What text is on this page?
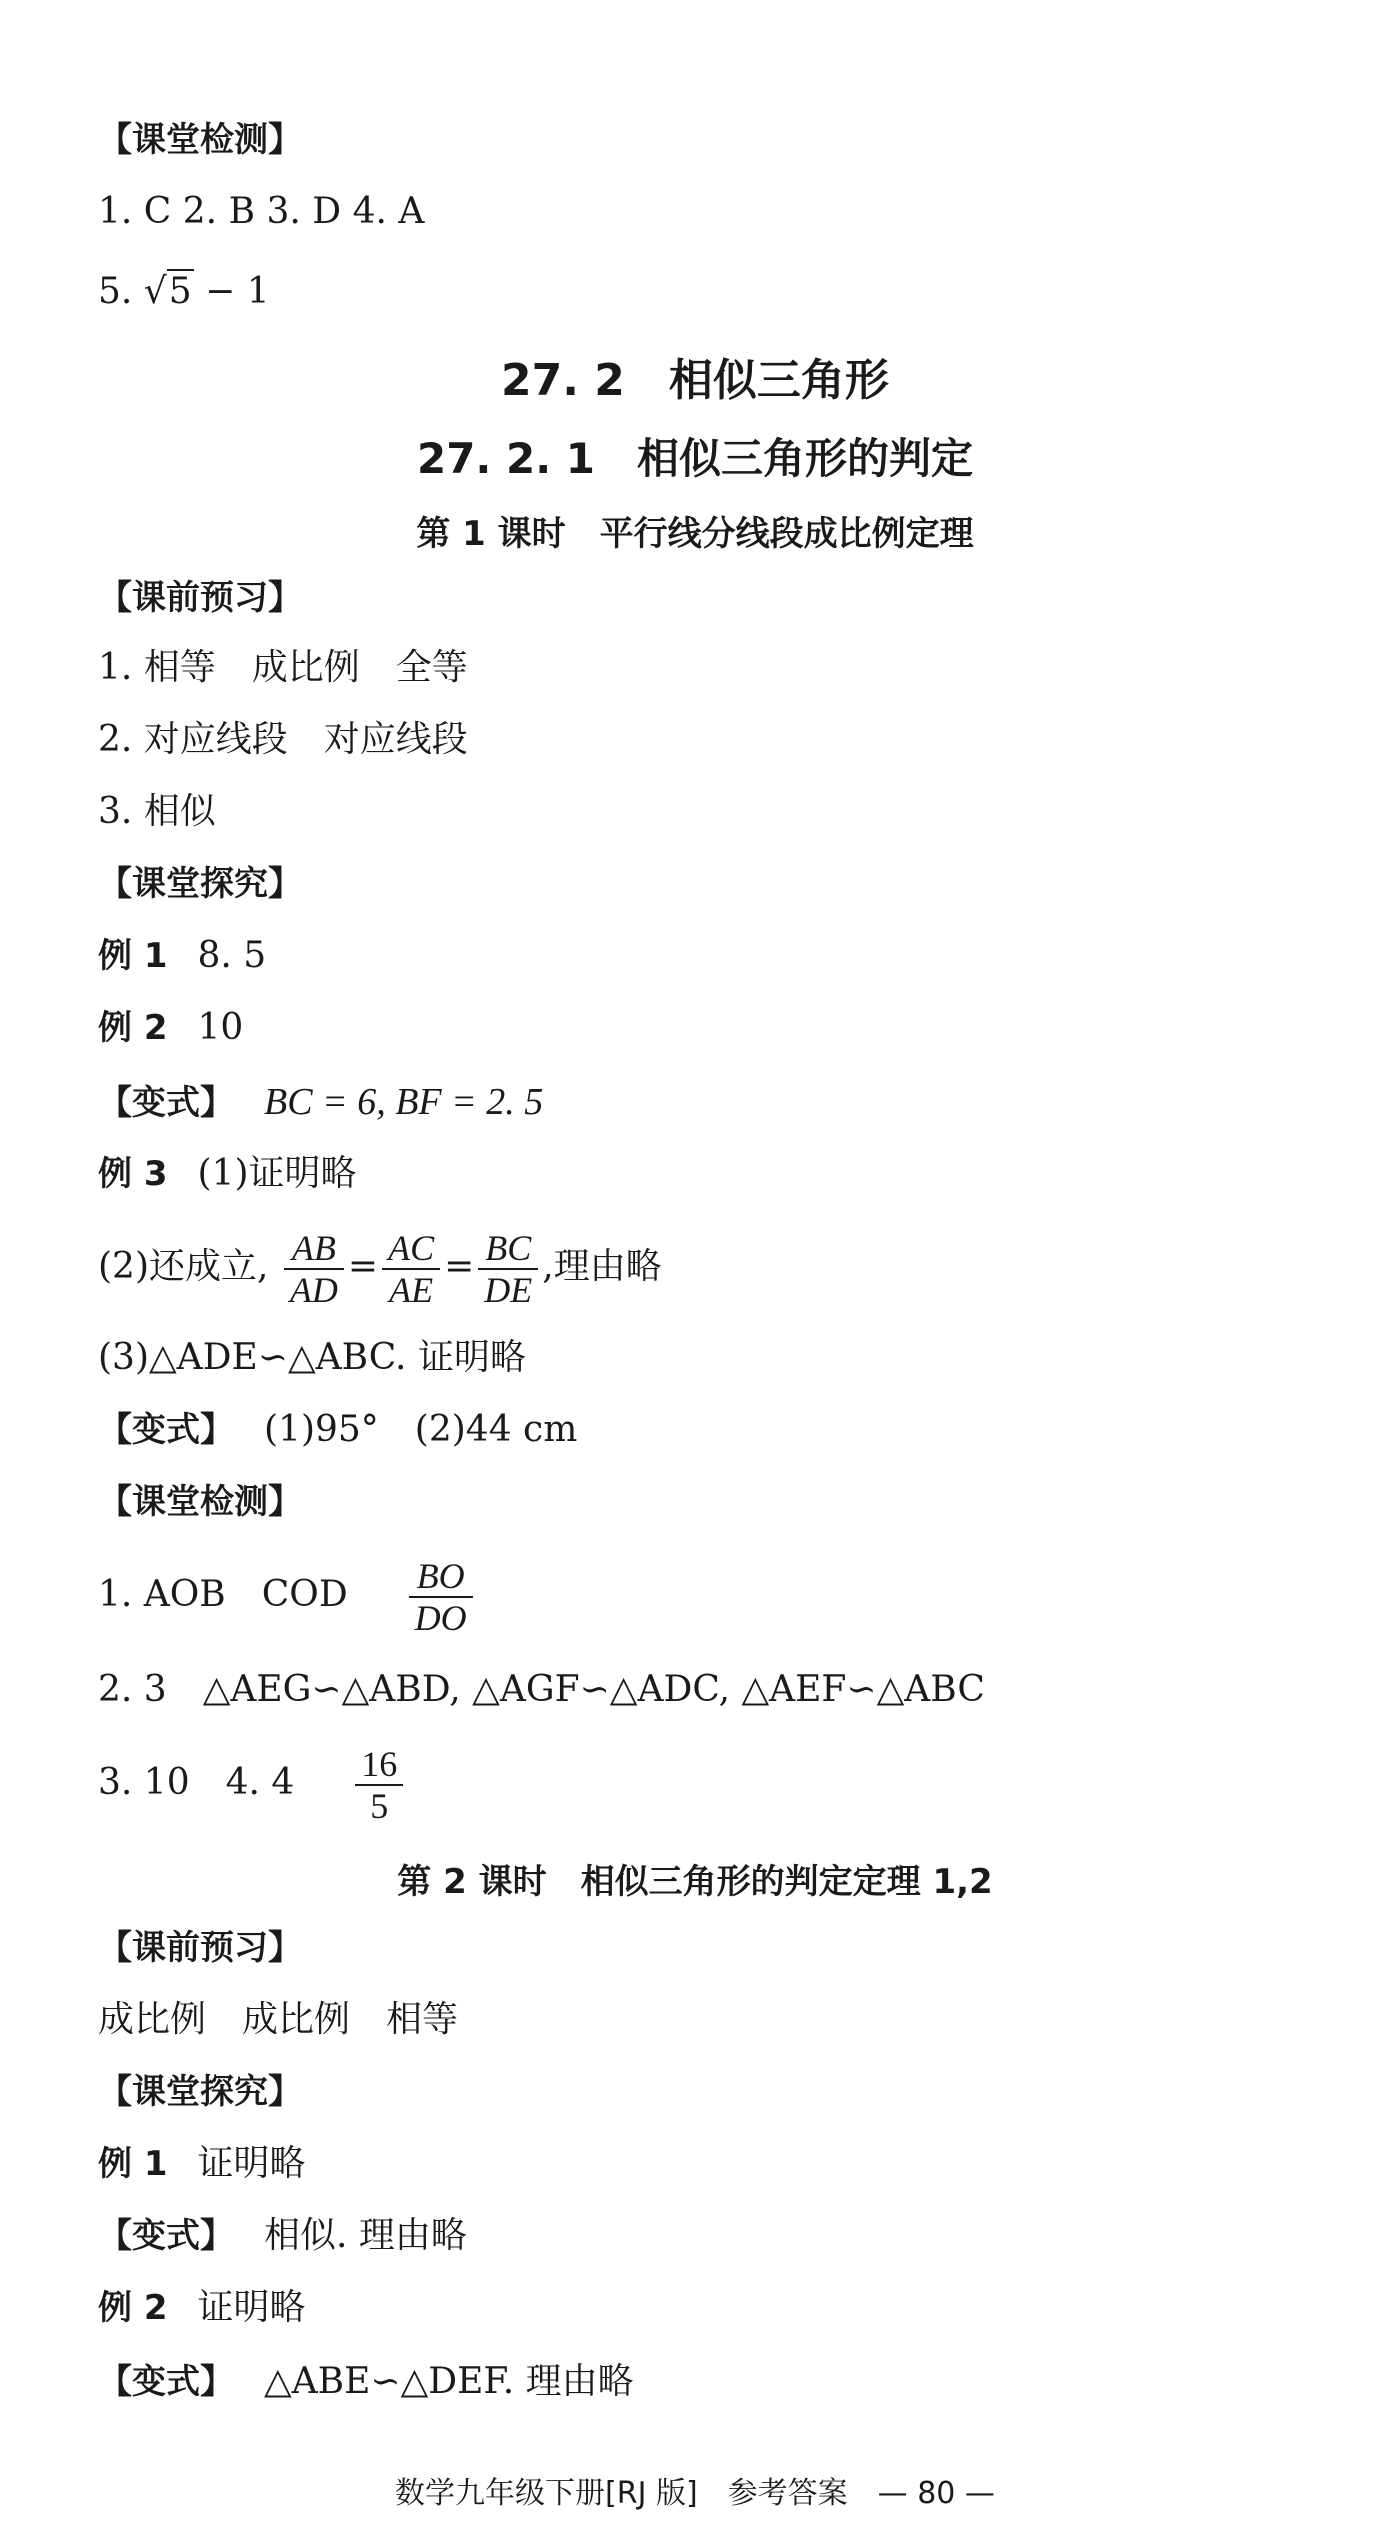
【课堂检测】
1. C 2. B 3. D 4. A
5. √5 − 1
27. 2　相似三角形
27. 2. 1　相似三角形的判定
第 1 课时　平行线分线段成比例定理
【课前预习】
1. 相等　成比例　全等
2. 对应线段　对应线段
3. 相似
【课堂探究】
例 1 8. 5
例 2 10
【变式】 BC = 6, BF = 2. 5
例 3 (1)证明略
(2)还成立, $\frac{AB}{AD} = \frac{AC}{AE} = \frac{BC}{DE}$ ,理由略
(3)△ADE∽△ABC. 证明略
【变式】 (1)95°　(2)44 cm
【课堂检测】
1. AOB　COD $\frac{BO}{DO}$
2. 3　△AEG∽△ABD, △AGF∽△ADC, △AEF∽△ABC
3. 10　4. $4 \frac{16}{5}$
第 2 课时　相似三角形的判定定理 1,2
【课前预习】
成比例　成比例　相等
【课堂探究】
例 1 证明略
【变式】 相似. 理由略
例 2 证明略
【变式】 △ABE∽△DEF. 理由略
数学九年级下册[RJ 版]　参考答案　— 80 —
